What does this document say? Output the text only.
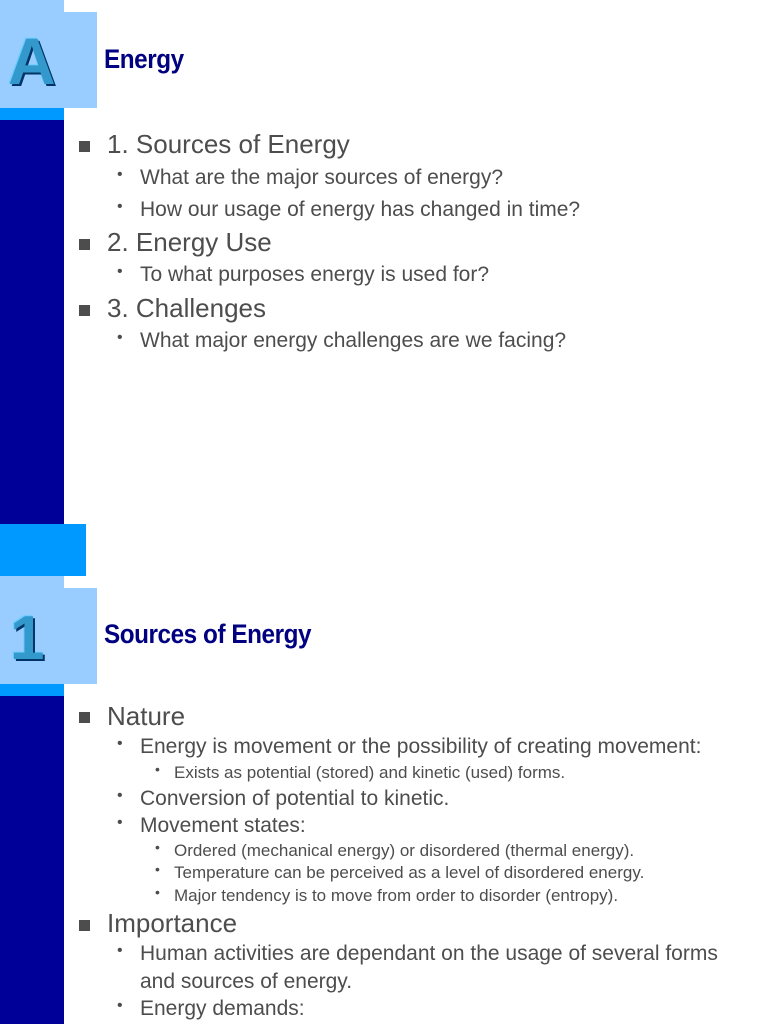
A Energy
1. Sources of Energy
• What are the major sources of energy?
• How our usage of energy has changed in time?
2. Energy Use
• To what purposes energy is used for?
3. Challenges
• What major energy challenges are we facing?
1 Sources of Energy
Nature
• Energy is movement or the possibility of creating movement:
• Exists as potential (stored) and kinetic (used) forms.
• Conversion of potential to kinetic.
• Movement states:
• Ordered (mechanical energy) or disordered (thermal energy).
• Temperature can be perceived as a level of disordered energy.
• Major tendency is to move from order to disorder (entropy).
Importance
• Human activities are dependant on the usage of several forms
and sources of energy.
• Energy demands:
